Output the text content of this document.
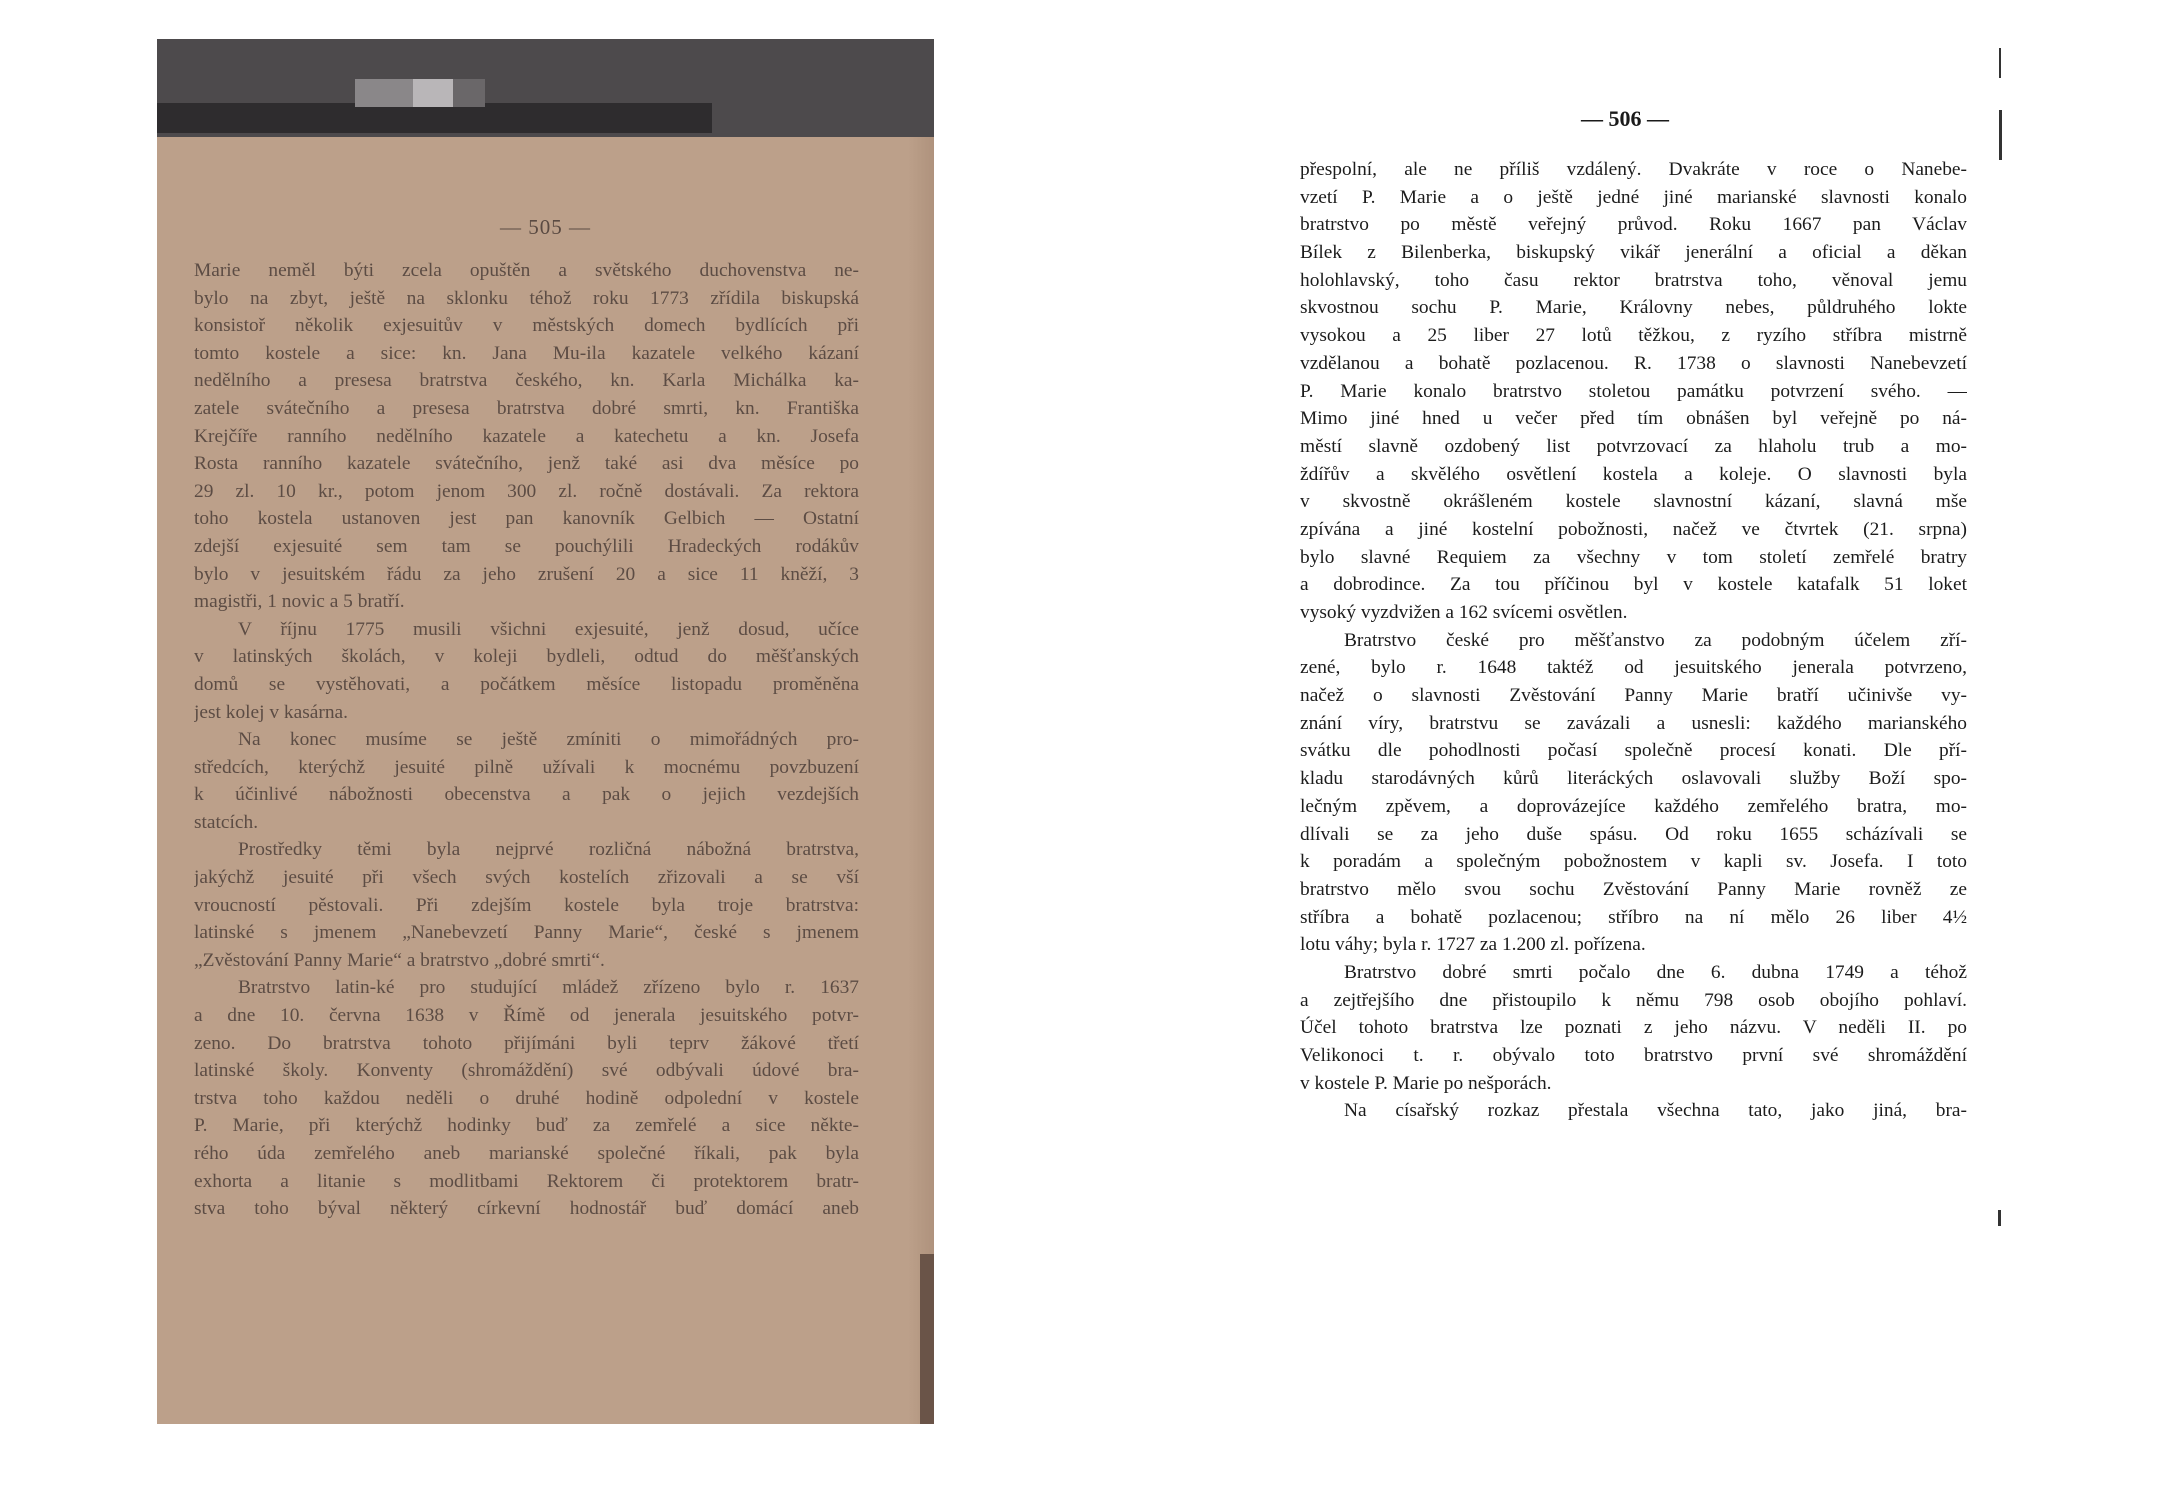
— 505 —
Marie neměl býti zcela opuštěn a světského duchovenstva ne-
bylo na zbyt, ještě na sklonku téhož roku 1773 zřídila biskupská
konsistoř několik exjesuitův v městských domech bydlících při
tomto kostele a sice: kn. Jana Mu-ila kazatele velkého kázaní
nedělního a presesa bratrstva českého, kn. Karla Michálka ka-
zatele svátečního a presesa bratrstva dobré smrti, kn. Františka
Krejčíře ranního nedělního kazatele a katechetu a kn. Josefa
Rosta ranního kazatele svátečního, jenž také asi dva měsíce po
29 zl. 10 kr., potom jenom 300 zl. ročně dostávali. Za rektora
toho kostela ustanoven jest pan kanovník Gelbich — Ostatní
zdejší exjesuité sem tam se pouchýlili Hradeckých rodákův
bylo v jesuitském řádu za jeho zrušení 20 a sice 11 kněží, 3
magistři, 1 novic a 5 bratří.
V říjnu 1775 musili všichni exjesuité, jenž dosud, učíce
v latinských školách, v koleji bydleli, odtud do měšťanských
domů se vystěhovati, a počátkem měsíce listopadu proměněna
jest kolej v kasárna.
Na konec musíme se ještě zmíniti o mimořádných pro-
středcích, kterýchž jesuité pilně užívali k mocnému povzbuzení
k účinlivé nábožnosti obecenstva a pak o jejich vezdejších
statcích.
Prostředky těmi byla nejprvé rozličná nábožná bratrstva,
jakýchž jesuité při všech svých kostelích zřizovali a se vší
vroucností pěstovali. Při zdejším kostele byla troje bratrstva:
latinské s jmenem „Nanebevzetí Panny Marie“, české s jmenem
„Zvěstování Panny Marie“ a bratrstvo „dobré smrti“.
Bratrstvo latin-ké pro studující mládež zřízeno bylo r. 1637
a dne 10. června 1638 v Římě od jenerala jesuitského potvr-
zeno. Do bratrstva tohoto přijímáni byli teprv žákové třetí
latinské školy. Konventy (shromáždění) své odbývali údové bra-
trstva toho každou neděli o druhé hodině odpolední v kostele
P. Marie, při kterýchž hodinky buď za zemřelé a sice někte-
rého úda zemřelého aneb marianské společné říkali, pak byla
exhorta a litanie s modlitbami Rektorem či protektorem bratr-
stva toho býval některý církevní hodnostář buď domácí aneb
— 506 —
přespolní, ale ne příliš vzdálený. Dvakráte v roce o Nanebe-
vzetí P. Marie a o ještě jedné jiné marianské slavnosti konalo
bratrstvo po městě veřejný průvod. Roku 1667 pan Václav
Bílek z Bilenberka, biskupský vikář jenerální a oficial a děkan
holohlavský, toho času rektor bratrstva toho, věnoval jemu
skvostnou sochu P. Marie, Královny nebes, půldruhého lokte
vysokou a 25 liber 27 lotů těžkou, z ryzího stříbra mistrně
vzdělanou a bohatě pozlacenou. R. 1738 o slavnosti Nanebevzetí
P. Marie konalo bratrstvo stoletou památku potvrzení svého. —
Mimo jiné hned u večer před tím obnášen byl veřejně po ná-
městí slavně ozdobený list potvrzovací za hlaholu trub a mo-
ždířův a skvělého osvětlení kostela a koleje. O slavnosti byla
v skvostně okrášleném kostele slavnostní kázaní, slavná mše
zpívána a jiné kostelní pobožnosti, načež ve čtvrtek (21. srpna)
bylo slavné Requiem za všechny v tom století zemřelé bratry
a dobrodince. Za tou příčinou byl v kostele katafalk 51 loket
vysoký vyzdvižen a 162 svícemi osvětlen.
Bratrstvo české pro měšťanstvo za podobným účelem zří-
zené, bylo r. 1648 taktéž od jesuitského jenerala potvrzeno,
načež o slavnosti Zvěstování Panny Marie bratří učinivše vy-
znání víry, bratrstvu se zavázali a usnesli: každého marianského
svátku dle pohodlnosti počasí společně procesí konati. Dle pří-
kladu starodávných kůrů literáckých oslavovali služby Boží spo-
lečným zpěvem, a doprovázejíce každého zemřelého bratra, mo-
dlívali se za jeho duše spásu. Od roku 1655 scházívali se
k poradám a společným pobožnostem v kapli sv. Josefa. I toto
bratrstvo mělo svou sochu Zvěstování Panny Marie rovněž ze
stříbra a bohatě pozlacenou; stříbro na ní mělo 26 liber 4½
lotu váhy; byla r. 1727 za 1.200 zl. pořízena.
Bratrstvo dobré smrti počalo dne 6. dubna 1749 a téhož
a zejtřejšího dne přistoupilo k němu 798 osob obojího pohlaví.
Účel tohoto bratrstva lze poznati z jeho názvu. V neděli II. po
Velikonoci t. r. obývalo toto bratrstvo první své shromáždění
v kostele P. Marie po nešporách.
Na císařský rozkaz přestala všechna tato, jako jiná, bra-
